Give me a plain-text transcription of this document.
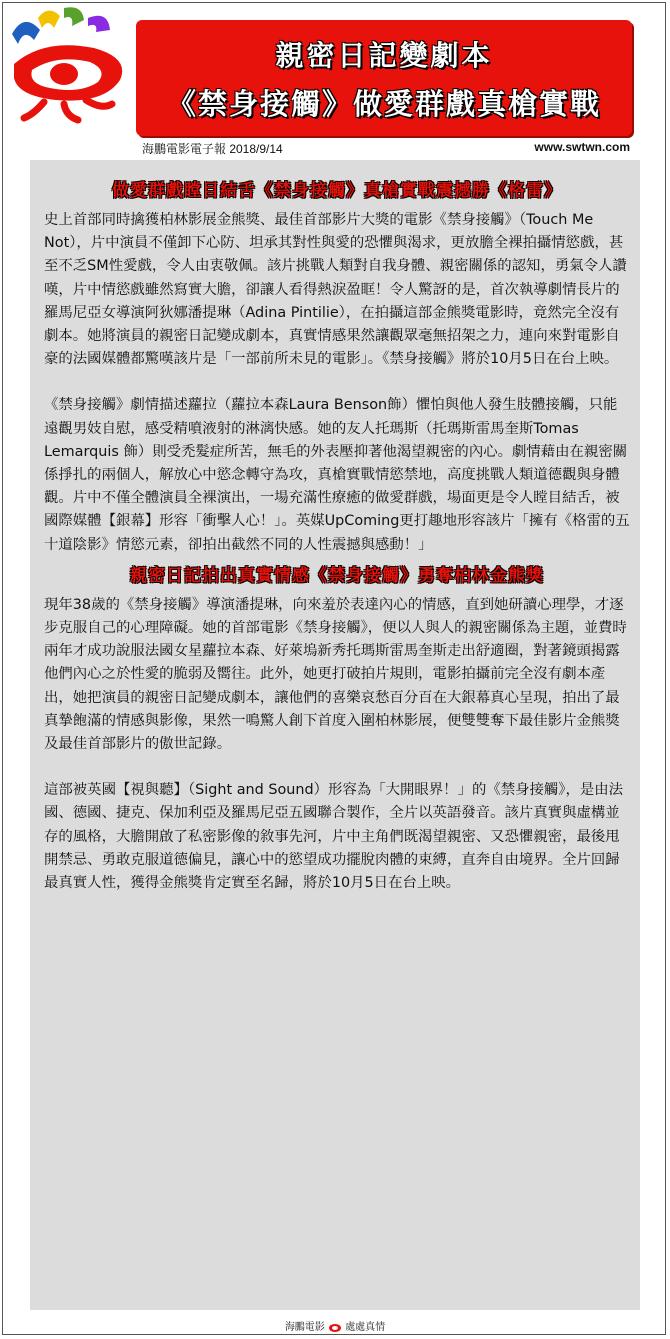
親密日記變劇本
《禁身接觸》做愛群戲真槍實戰
海鵬電影電子報 2018/9/14	www.swtwn.com
做愛群戲瞠目結舌《禁身接觸》真槍實戰震撼勝《格雷》

史上首部同時擒獲柏林影展金熊獎、最佳首部影片大獎的電影《禁身接觸》（Touch Me Not），片中演員不僅卸下心防、坦承其對性與愛的恐懼與渴求，更放膽全裸拍攝情慾戲，甚至不乏SM性愛戲，令人由衷敬佩。該片挑戰人類對自我身體、親密關係的認知，勇氣令人讚嘆，片中情慾戲雖然寫實大膽，卻讓人看得熱淚盈眶！令人驚訝的是，首次執導劇情長片的羅馬尼亞女導演阿狄娜潘提琳（Adina Pintilie），在拍攝這部金熊獎電影時，竟然完全沒有劇本。她將演員的親密日記變成劇本，真實情感果然讓觀眾毫無招架之力，連向來對電影自豪的法國媒體都驚嘆該片是「一部前所未見的電影」。《禁身接觸》將於10月5日在台上映。

《禁身接觸》劇情描述蘿拉（蘿拉本森Laura Benson飾）懼怕與他人發生肢體接觸，只能遠觀男妓自慰，感受精噴液射的淋漓快感。她的友人托瑪斯（托瑪斯雷馬奎斯Tomas Lemarquis 飾）則受禿髮症所苦，無毛的外表壓抑著他渴望親密的內心。劇情藉由在親密關係掙扎的兩個人，解放心中慾念轉守為攻，真槍實戰情慾禁地，高度挑戰人類道德觀與身體觀。片中不僅全體演員全裸演出，一場充滿性療癒的做愛群戲，場面更是令人瞠目結舌，被國際媒體【銀幕】形容「衝擊人心！」。英媒UpComing更打趣地形容該片「擁有《格雷的五十道陰影》情慾元素，卻拍出截然不同的人性震撼與感動！」

親密日記拍出真實情感《禁身接觸》勇奪柏林金熊獎

現年38歲的《禁身接觸》導演潘提琳，向來羞於表達內心的情感，直到她研讀心理學，才逐步克服自己的心理障礙。她的首部電影《禁身接觸》，便以人與人的親密關係為主題，並費時兩年才成功說服法國女星蘿拉本森、好萊塢新秀托瑪斯雷馬奎斯走出舒適圈，對著鏡頭揭露他們內心之於性愛的脆弱及嚮往。此外，她更打破拍片規則，電影拍攝前完全沒有劇本產出，她把演員的親密日記變成劇本，讓他們的喜樂哀愁百分百在大銀幕真心呈現，拍出了最真摯飽滿的情感與影像，果然一鳴驚人創下首度入圍柏林影展，便雙雙奪下最佳影片金熊獎及最佳首部影片的傲世記錄。

這部被英國【視與聽】（Sight and Sound）形容為「大開眼界！」的《禁身接觸》，是由法國、德國、捷克、保加利亞及羅馬尼亞五國聯合製作，全片以英語發音。該片真實與虛構並存的風格，大膽開啟了私密影像的敘事先河，片中主角們既渴望親密、又恐懼親密，最後甩開禁忌、勇敢克服道德偏見，讓心中的慾望成功擺脫肉體的束縛，直奔自由境界。全片回歸最真實人性，獲得金熊獎肯定實至名歸，將於10月5日在台上映。

海鵬電影 處處真情
